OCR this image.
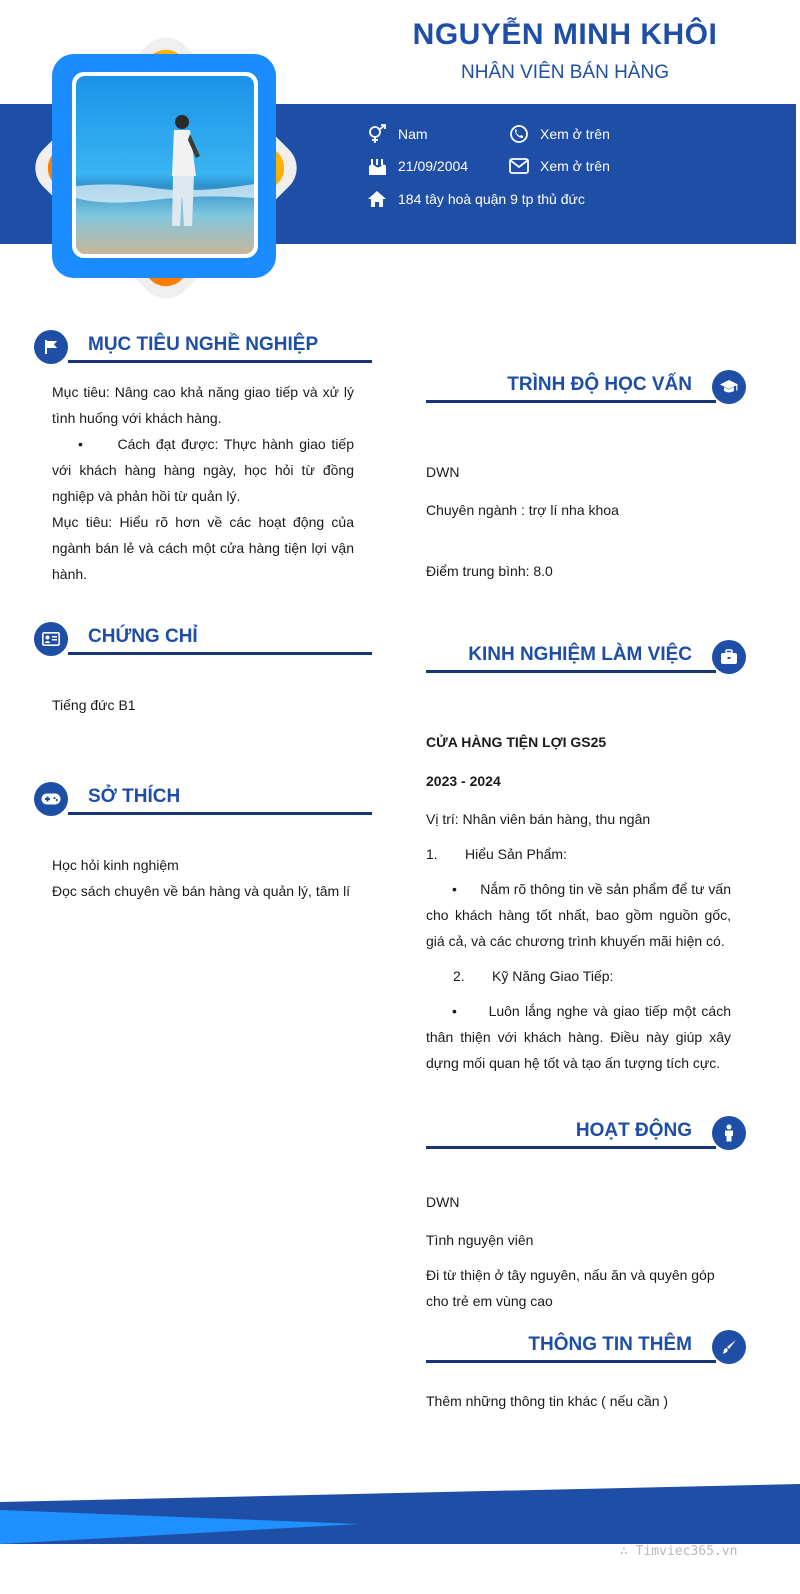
NGUYỄN MINH KHÔI
NHÂN VIÊN BÁN HÀNG
Nam	Xem ở trên
21/09/2004	Xem ở trên
184 tây hoà quận 9 tp thủ đức
MỤC TIÊU NGHỀ NGHIỆP
Mục tiêu: Nâng cao khả năng giao tiếp và xử lý tình huống với khách hàng.
• Cách đạt được: Thực hành giao tiếp với khách hàng hàng ngày, học hỏi từ đồng nghiệp và phản hồi từ quản lý.
Mục tiêu: Hiểu rõ hơn về các hoạt động của ngành bán lẻ và cách một cửa hàng tiện lợi vận hành.
CHỨNG CHỈ
Tiếng đức B1
SỞ THÍCH
Học hỏi kinh nghiệm
Đọc sách chuyên về bán hàng và quản lý, tâm lí
TRÌNH ĐỘ HỌC VẤN
DWN
Chuyên ngành : trợ lí nha khoa
Điểm trung bình: 8.0
KINH NGHIỆM LÀM VIỆC
CỬA HÀNG TIỆN LỢI GS25
2023 - 2024
Vị trí: Nhân viên bán hàng, thu ngân
1. Hiểu Sản Phẩm:
• Nắm rõ thông tin về sản phẩm để tư vấn cho khách hàng tốt nhất, bao gồm nguồn gốc, giá cả, và các chương trình khuyến mãi hiện có.
2. Kỹ Năng Giao Tiếp:
• Luôn lắng nghe và giao tiếp một cách thân thiện với khách hàng. Điều này giúp xây dựng mối quan hệ tốt và tạo ấn tượng tích cực.
HOẠT ĐỘNG
DWN
Tình nguyện viên
Đi từ thiện ở tây nguyên, nấu ăn và quyên góp cho trẻ em vùng cao
THÔNG TIN THÊM
Thêm những thông tin khác ( nếu cần )
∴ Timviec365.vn
